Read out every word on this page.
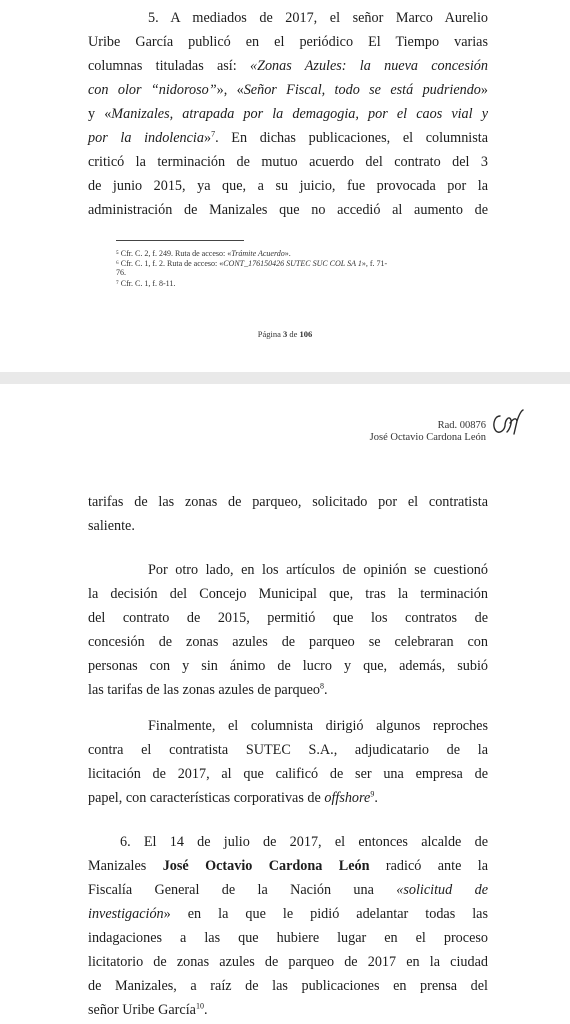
5. A mediados de 2017, el señor Marco Aurelio
Uribe García publicó en el periódico El Tiempo varias
columnas tituladas así: «Zonas Azules: la nueva concesión
con olor “nidoroso”», «Señor Fiscal, todo se está pudriendo»
y «Manizales, atrapada por la demagogia, por el caos vial y
por la indolencia»$^7$. En dichas publicaciones, el columnista
criticó la terminación de mutuo acuerdo del contrato del 3
de junio 2015, ya que, a su juicio, fue provocada por la
administración de Manizales que no accedió al aumento de
⁵ Cfr. C. 2, f. 249. Ruta de acceso: «Trámite Acuerdo».
⁶ Cfr. C. 1, f. 2. Ruta de acceso: «CONT_176150426 SUTEC SUC COL SA 1», f. 71-
76.
⁷ Cfr. C. 1, f. 8-11.
Página 3 de 106
Rad. 00876
José Octavio Cardona León
tarifas de las zonas de parqueo, solicitado por el contratista
saliente.
Por otro lado, en los artículos de opinión se cuestionó
la decisión del Concejo Municipal que, tras la terminación
del contrato de 2015, permitió que los contratos de
concesión de zonas azules de parqueo se celebraran con
personas con y sin ánimo de lucro y que, además, subió
las tarifas de las zonas azules de parqueo$^8$.
Finalmente, el columnista dirigió algunos reproches
contra el contratista SUTEC S.A., adjudicatario de la
licitación de 2017, al que calificó de ser una empresa de
papel, con características corporativas de offshore$^9$.
6. El 14 de julio de 2017, el entonces alcalde de
Manizales José Octavio Cardona León radicó ante la
Fiscalía General de la Nación una «solicitud de
investigación» en la que le pidió adelantar todas las
indagaciones a las que hubiere lugar en el proceso
licitatorio de zonas azules de parqueo de 2017 en la ciudad
de Manizales, a raíz de las publicaciones en prensa del
señor Uribe García$^{10}$.
